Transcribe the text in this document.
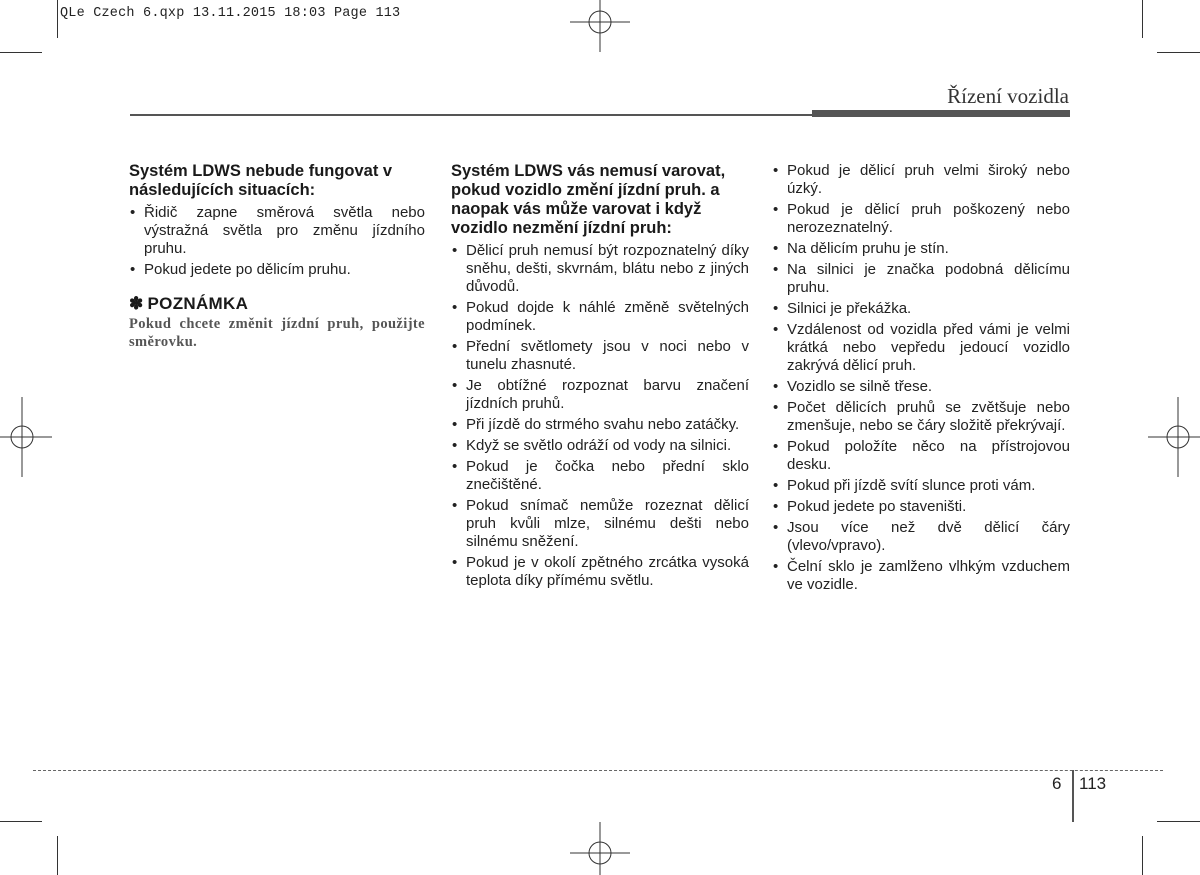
QLe Czech 6.qxp 13.11.2015 18:03 Page 113
Řízení vozidla
Systém LDWS nebude fungovat v následujících situacích:
• Řidič zapne směrová světla nebo výstražná světla pro změnu jízdního pruhu.
• Pokud jedete po dělicím pruhu.
✽ POZNÁMKA
Pokud chcete změnit jízdní pruh, použijte směrovku.
Systém LDWS vás nemusí varovat, pokud vozidlo změní jízdní pruh. a naopak vás může varovat i když vozidlo nezmění jízdní pruh:
• Dělicí pruh nemusí být rozpoznatelný díky sněhu, dešti, skvrnám, blátu nebo z jiných důvodů.
• Pokud dojde k náhlé změně světelných podmínek.
• Přední světlomety jsou v noci nebo v tunelu zhasnuté.
• Je obtížné rozpoznat barvu značení jízdních pruhů.
• Při jízdě do strmého svahu nebo zatáčky.
• Když se světlo odráží od vody na silnici.
• Pokud je čočka nebo přední sklo znečištěné.
• Pokud snímač nemůže rozeznat dělicí pruh kvůli mlze, silnému dešti nebo silnému sněžení.
• Pokud je v okolí zpětného zrcátka vysoká teplota díky přímému světlu.
• Pokud je dělicí pruh velmi široký nebo úzký.
• Pokud je dělicí pruh poškozený nebo nerozeznatelný.
• Na dělicím pruhu je stín.
• Na silnici je značka podobná dělicímu pruhu.
• Silnici je překážka.
• Vzdálenost od vozidla před vámi je velmi krátká nebo vepředu jedoucí vozidlo zakrývá dělicí pruh.
• Vozidlo se silně třese.
• Počet dělicích pruhů se zvětšuje nebo zmenšuje, nebo se čáry složitě překrývají.
• Pokud položíte něco na přístrojovou desku.
• Pokud při jízdě svítí slunce proti vám.
• Pokud jedete po staveništi.
• Jsou více než dvě dělicí čáry (vlevo/vpravo).
• Čelní sklo je zamlženo vlhkým vzduchem ve vozidle.
6 113
